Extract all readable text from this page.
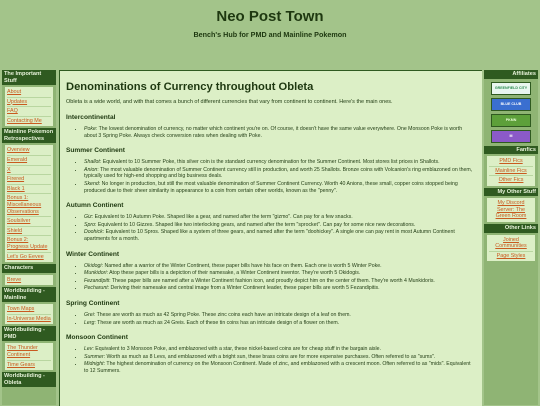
Neo Post Town
Bench's Hub for PMD and Mainline Pokemon
The Important Stuff
About
Updates
FAQ
Contacting Me
Mainline Pokemon Retrospectives
Overview
Emerald
X
Firered
Black 1
Bonus 1: Miscellaneous Observations
Soulsilver
Shield
Bonus 2: Progress Update
Let's Go Eevee
Characters
Breve
Worldbuilding - Mainline
Town Maps
In-Universe Media
Worldbuilding - PMD
The Thunder Continent
Time Gears
Worldbuilding - Obleta
Denominations of Currency throughout Obleta

Obleta is a wide world, and with that comes a bunch of different currencies that vary from continent to continent. Here's the main ones.

Intercontinental
• Poke: The lowest denomination of currency, no matter which continent you're on. Of course, it doesn't have the same value everywhere. One Monsoon Poke is worth about 3 Spring Poke. Always check conversion rates when dealing with Poke.
Summer Continent
• Shallot: Equivalent to 10 Summer Poke, this silver coin is the standard currency denomination for the Summer Continent. Most stores list prices in Shallots.
• Anion: The most valuable denomination of Summer Continent currency still in production, and worth 25 Shallots. Bronze coins with Volcanion's ring emblazoned on them, typically used for high-end shopping and big business deals.
• Skend: No longer in production, but still the most valuable denomination of Summer Continent Currency. Worth 40 Anions, these small, copper coins stopped being produced due to their sheer similarity in appearance to a coin from certain other worlds, known as the "penny".
Autumn Continent
• Giz: Equivalent to 10 Autumn Poke. Shaped like a gear, and named after the term "gizmo". Can pay for a few snacks.
• Spro: Equivalent to 10 Gizzes. Shaped like two interlocking gears, and named after the term "sprocket". Can pay for some nice new decorations.
• Doohick: Equivalent to 10 Spros. Shaped like a system of three gears, and named after the term "doohickey". A single one can pay rent in most Autumn Continent apartments for a month.
Winter Continent
• Okidogi: Named after a warrior of the Winter Continent, these paper bills have his face on them. Each one is worth 5 Winter Poke.
• Munkidori: Atop these paper bills is a depiction of their namesake, a Winter Continent inventor. They're worth 5 Okidogis.
• Fezandipiti: These paper bills are named after a Winter Continent fashion icon, and proudly depict him on the center of them. They're worth 4 Munkidoris.
• Pecharunt: Deriving their namesake and central image from a Winter Continent leader, these paper bills are worth 5 Fezandipitis.
Spring Continent
• Grei: These are worth as much as 42 Spring Poke. These zinc coins each have an intricate design of a leaf on them.
• Lerg: These are worth as much as 24 Greis. Each of these tin coins has an intricate design of a flower on them.
Monsoon Continent
• Lev: Equivalent to 3 Monsoon Poke, and emblazoned with a star, these nickel-based coins are for cheap stuff in the bargain aisle.
• Summer: Worth as much as 8 Levs, and emblazoned with a bright sun, these brass coins are for more expensive purchases. Often referred to as "sums".
• Midnight: The highest denomination of currency on the Monsoon Continent. Made of zinc, and emblazoned with a crescent moon. Often referred to as "mids". Equivalent to 12 Summers.
Affiliates
GREENFIELD CITY
BLUE CLUB
PKMN
M
Fanfics
PMD Fics
Mainline Fics
Other Fics
My Other Stuff
My Discord Server: The Green Room
Other Links
Joined Communities
Page Styles
